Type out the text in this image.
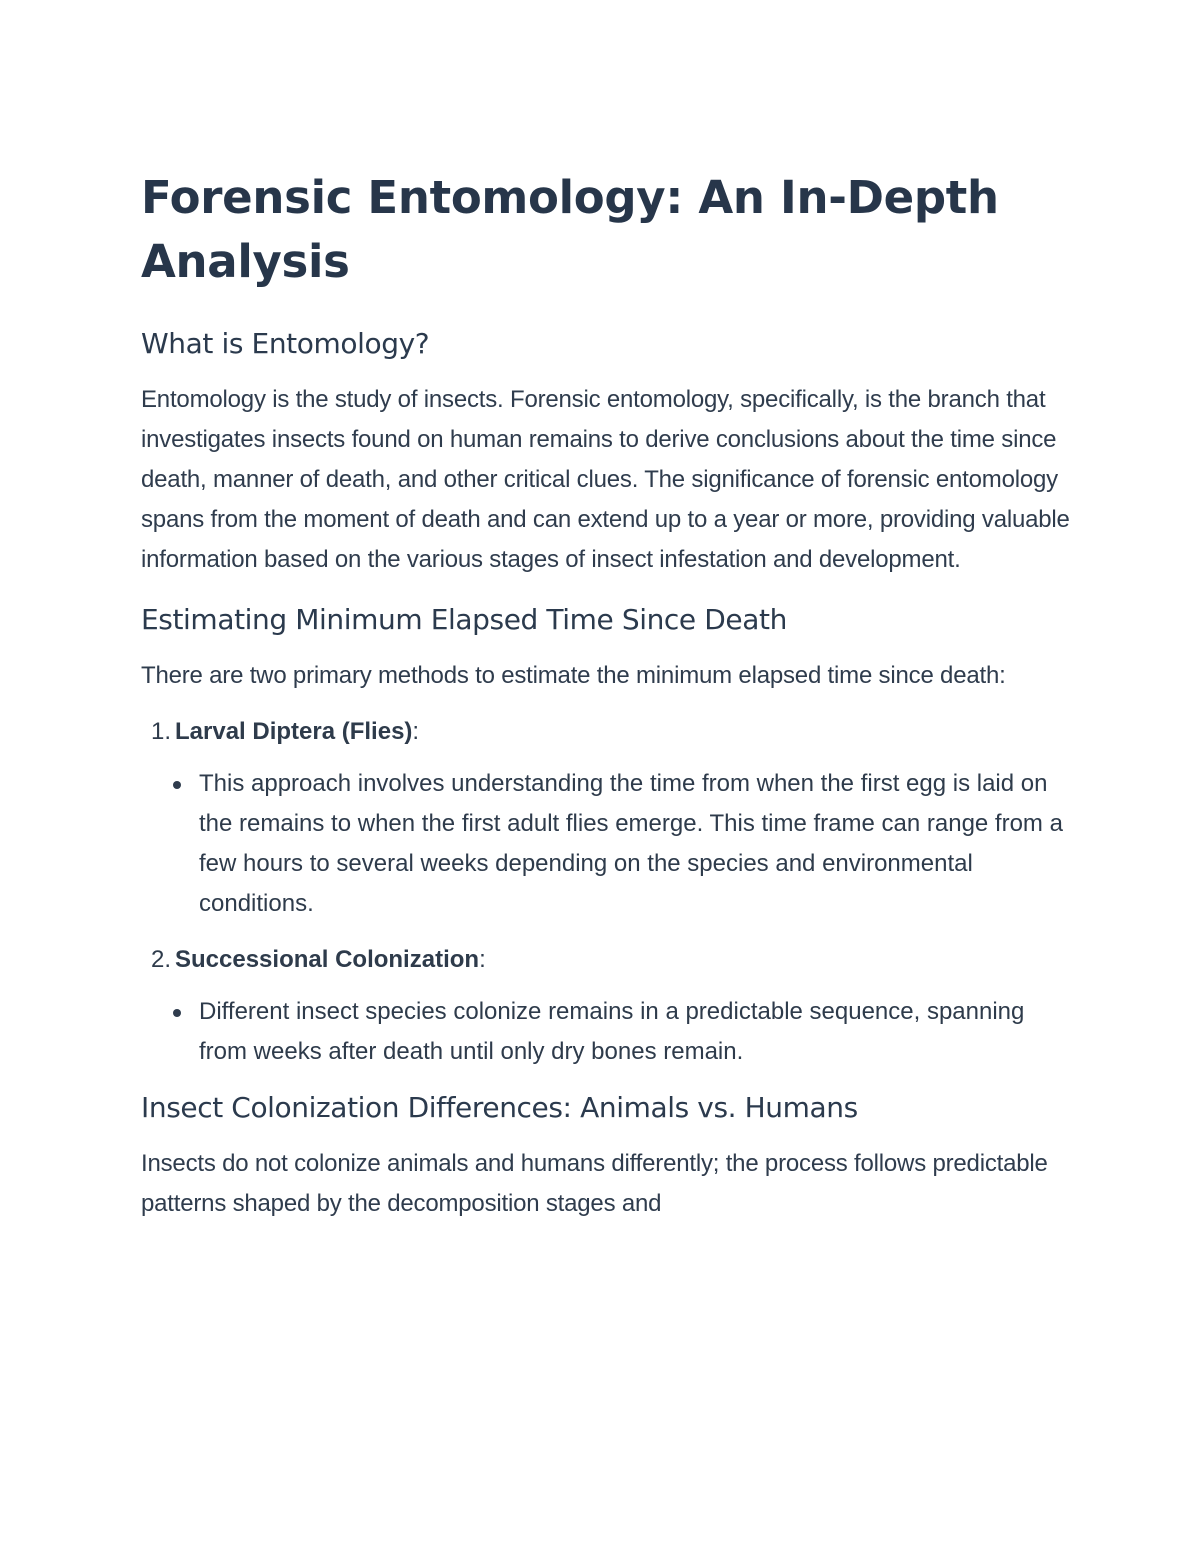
Forensic Entomology: An In-Depth Analysis
What is Entomology?

Entomology is the study of insects. Forensic entomology, specifically, is the branch that investigates insects found on human remains to derive conclusions about the time since death, manner of death, and other critical clues. The significance of forensic entomology spans from the moment of death and can extend up to a year or more, providing valuable information based on the various stages of insect infestation and development.

Estimating Minimum Elapsed Time Since Death

There are two primary methods to estimate the minimum elapsed time since death:

1. Larval Diptera (Flies) :
This approach involves understanding the time from when the first egg is laid on the remains to when the first adult flies emerge. This time frame can range from a few hours to several weeks depending on the species and environmental conditions.
2. Successional Colonization :
Different insect species colonize remains in a predictable sequence, spanning from weeks after death until only dry bones remain.
Insect Colonization Differences: Animals vs. Humans

Insects do not colonize animals and humans differently; the process follows predictable patterns shaped by the decomposition stages and
